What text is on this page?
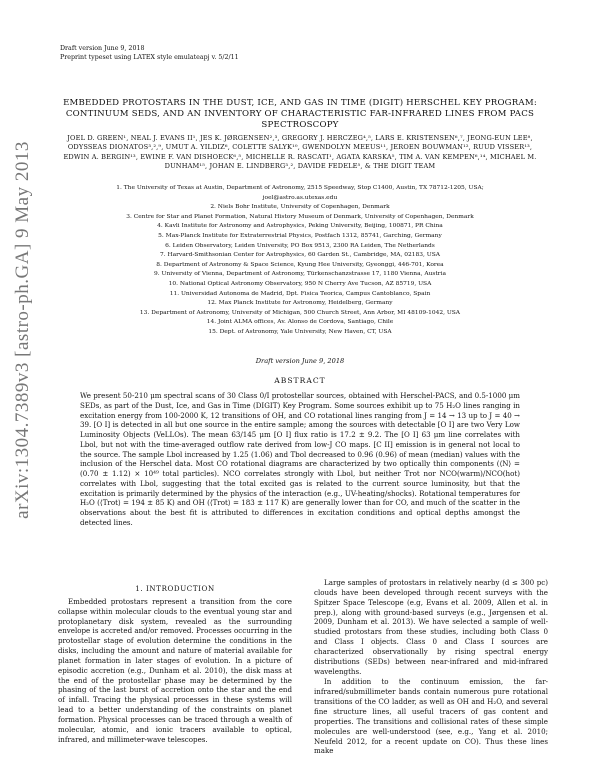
arXiv:1304.7389v3 [astro-ph.GA] 9 May 2013
Draft version June 9, 2018
Preprint typeset using LATEX style emulateapj v. 5/2/11
EMBEDDED PROTOSTARS IN THE DUST, ICE, AND GAS IN TIME (DIGIT) HERSCHEL KEY PROGRAM:
CONTINUUM SEDS, AND AN INVENTORY OF CHARACTERISTIC FAR-INFRARED LINES FROM PACS
SPECTROSCOPY
JOEL D. GREEN¹, NEAL J. EVANS II¹, JES K. JØRGENSEN²,³, GREGORY J. HERCZEG⁴,⁵, LARS E. KRISTENSEN⁶,⁷, JEONG-EUN LEE⁸, ODYSSEAS DIONATOS³,²,⁹, UMUT A. YILDIZ⁶, COLETTE SALYK¹⁰, GWENDOLYN MEEUS¹¹, JEROEN BOUWMAN¹², RUUD VISSER¹³, EDWIN A. BERGIN¹³, EWINE F. VAN DISHOECK⁶,⁵, MICHELLE R. RASCATI¹, AGATA KARSKA⁵, TIM A. VAN KEMPEN⁶,¹⁴, MICHAEL M. DUNHAM¹⁵, JOHAN E. LINDBERG³,², DAVIDE FEDELE⁵, & THE DIGIT TEAM
1. The University of Texas at Austin, Department of Astronomy, 2515 Speedway, Stop C1400, Austin, TX 78712-1205, USA;
joel@astro.as.utexas.edu
2. Niels Bohr Institute, University of Copenhagen, Denmark
3. Centre for Star and Planet Formation, Natural History Museum of Denmark, University of Copenhagen, Denmark
4. Kavli Institute for Astronomy and Astrophysics, Peking University, Beijing, 100871, PR China
5. Max-Planck Institute for Extraterrestrial Physics, Postfach 1312, 85741, Garching, Germany
6. Leiden Observatory, Leiden University, PO Box 9513, 2300 RA Leiden, The Netherlands
7. Harvard-Smithsonian Center for Astrophysics, 60 Garden St., Cambridge, MA, 02183, USA
8. Department of Astronomy & Space Science, Kyung Hee University, Gyeonggi, 446-701, Korea
9. University of Vienna, Department of Astronomy, Türkenschanzstrasse 17, 1180 Vienna, Austria
10. National Optical Astronomy Observatory, 950 N Cherry Ave Tucson, AZ 85719, USA
11. Universidad Autonoma de Madrid, Dpt. Fisica Teorica, Campus Cantoblanco, Spain
12. Max Planck Institute for Astronomy, Heidelberg, Germany
13. Department of Astronomy, University of Michigan, 500 Church Street, Ann Arbor, MI 48109-1042, USA
14. Joint ALMA offices, Av. Alonso de Cordova, Santiago, Chile
15. Dept. of Astronomy, Yale University, New Haven, CT, USA
Draft version June 9, 2018
ABSTRACT
We present 50-210 μm spectral scans of 30 Class 0/I protostellar sources, obtained with Herschel-PACS, and 0.5-1000 μm SEDs, as part of the Dust, Ice, and Gas in Time (DIGIT) Key Program. Some sources exhibit up to 75 H₂O lines ranging in excitation energy from 100-2000 K, 12 transitions of OH, and CO rotational lines ranging from J = 14 → 13 up to J = 40 → 39. [O I] is detected in all but one source in the entire sample; among the sources with detectable [O I] are two Very Low Luminosity Objects (VeLLOs). The mean 63/145 μm [O I] flux ratio is 17.2 ± 9.2. The [O I] 63 μm line correlates with Lbol, but not with the time-averaged outflow rate derived from low-J CO maps. [C II] emission is in general not local to the source. The sample Lbol increased by 1.25 (1.06) and Tbol decreased to 0.96 (0.96) of mean (median) values with the inclusion of the Herschel data. Most CO rotational diagrams are characterized by two optically thin components (⟨N⟩ = (0.70 ± 1.12) × 10⁴⁹ total particles). NCO correlates strongly with Lbol, but neither Trot nor NCO(warm)/NCO(hot) correlates with Lbol, suggesting that the total excited gas is related to the current source luminosity, but that the excitation is primarily determined by the physics of the interaction (e.g., UV-heating/shocks). Rotational temperatures for H₂O (⟨Trot⟩ = 194 ± 85 K) and OH (⟨Trot⟩ = 183 ± 117 K) are generally lower than for CO, and much of the scatter in the observations about the best fit is attributed to differences in excitation conditions and optical depths amongst the detected lines.
1. INTRODUCTION

Embedded protostars represent a transition from the core collapse within molecular clouds to the eventual young star and protoplanetary disk system, revealed as the surrounding envelope is accreted and/or removed. Processes occurring in the protostellar stage of evolution determine the conditions in the disks, including the amount and nature of material available for planet formation in later stages of evolution. In a picture of episodic accretion (e.g., Dunham et al. 2010), the disk mass at the end of the protostellar phase may be determined by the phasing of the last burst of accretion onto the star and the end of infall. Tracing the physical processes in these systems will lead to a better understanding of the constraints on planet formation. Physical processes can be traced through a wealth of molecular, atomic, and ionic tracers available to optical, infrared, and millimeter-wave telescopes.

Large samples of protostars in relatively nearby (d ≤ 300 pc) clouds have been developed through recent surveys with the Spitzer Space Telescope (e.g, Evans et al. 2009, Allen et al. in prep.), along with ground-based surveys (e.g., Jørgensen et al. 2009, Dunham et al. 2013). We have selected a sample of well-studied protostars from these studies, including both Class 0 and Class I objects. Class 0 and Class I sources are characterized observationally by rising spectral energy distributions (SEDs) between near-infrared and mid-infrared wavelengths.

In addition to the continuum emission, the far-infrared/submillimeter bands contain numerous pure rotational transitions of the CO ladder, as well as OH and H₂O, and several fine structure lines, all useful tracers of gas content and properties. The transitions and collisional rates of these simple molecules are well-understood (see, e.g., Yang et al. 2010; Neufeld 2012, for a recent update on CO). Thus these lines make
